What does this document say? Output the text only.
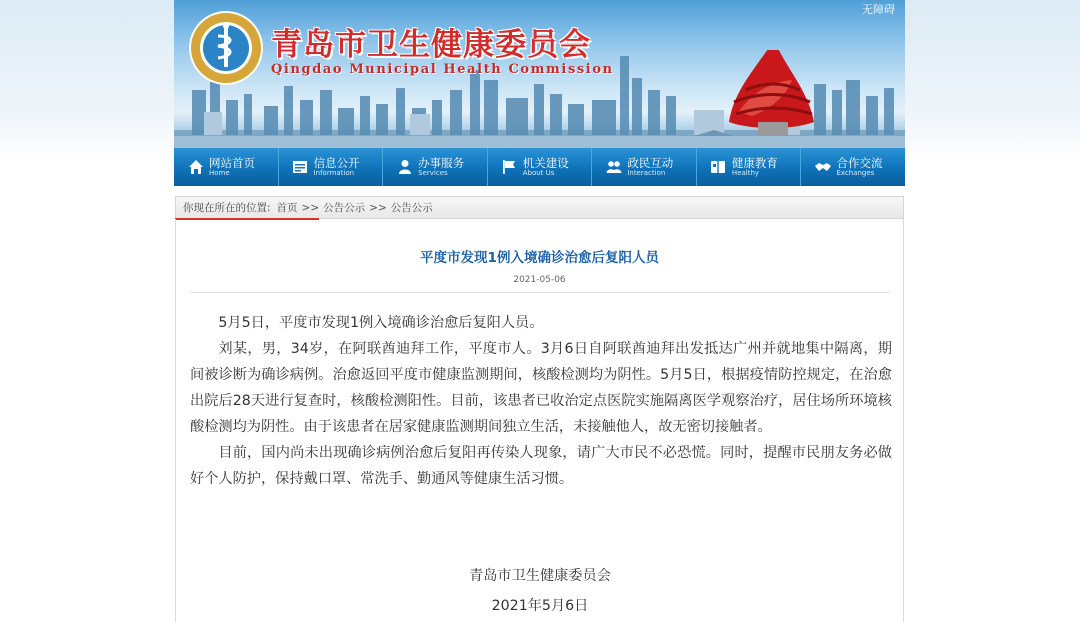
青岛市卫生健康委员会
Qingdao Municipal Health Commission
无障碍
网站首页
Home
信息公开
Information
办事服务
Services
机关建设
About Us
政民互动
Interaction
健康教育
Healthy
合作交流
Exchanges
你现在所在的位置: 首页 >> 公告公示 >> 公告公示
平度市发现1例入境确诊治愈后复阳人员
2021-05-06

5月5日，平度市发现1例入境确诊治愈后复阳人员。

刘某，男，34岁，在阿联酋迪拜工作，平度市人。3月6日自阿联酋迪拜出发抵达广州并就地集中隔离，期间被诊断为确诊病例。治愈返回平度市健康监测期间，核酸检测均为阴性。5月5日，根据疫情防控规定，在治愈出院后28天进行复查时，核酸检测阳性。目前，该患者已收治定点医院实施隔离医学观察治疗，居住场所环境核酸检测均为阴性。由于该患者在居家健康监测期间独立生活，未接触他人，故无密切接触者。

目前，国内尚未出现确诊病例治愈后复阳再传染人现象，请广大市民不必恐慌。同时，提醒市民朋友务必做好个人防护，保持戴口罩、常洗手、勤通风等健康生活习惯。

青岛市卫生健康委员会
2021年5月6日
